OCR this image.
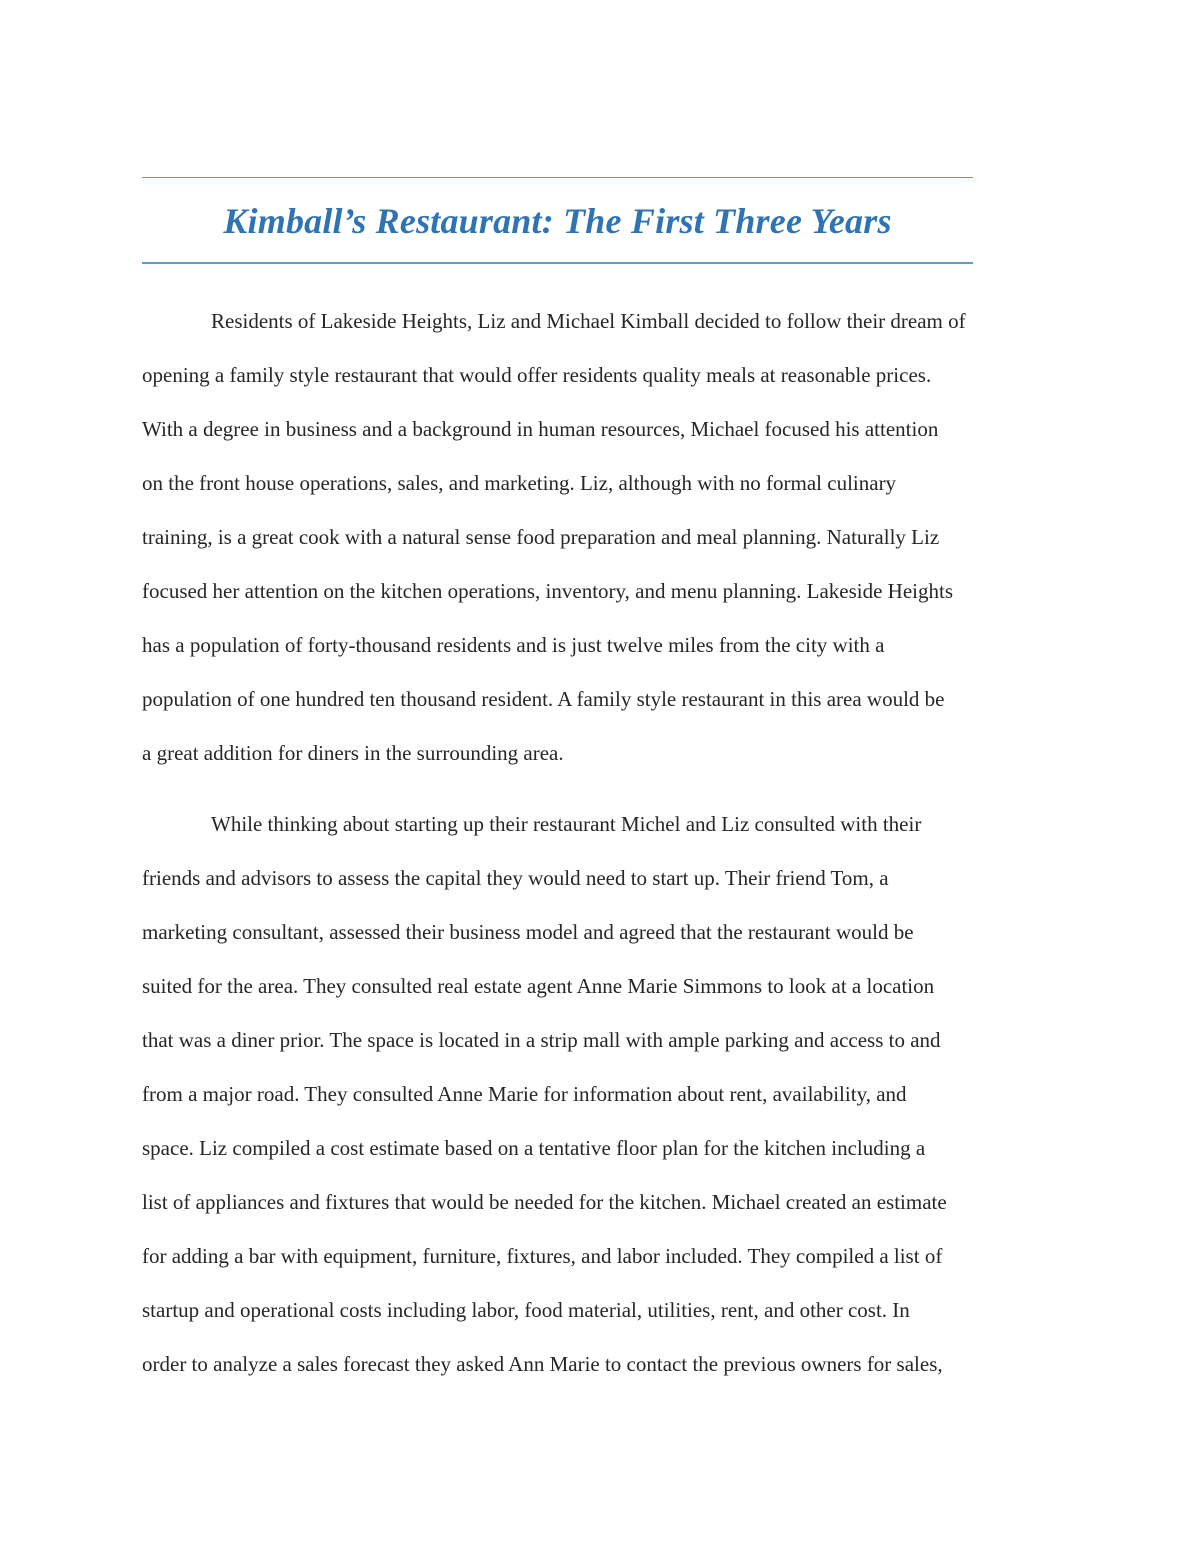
Kimball’s Restaurant: The First Three Years

Residents of Lakeside Heights, Liz and Michael Kimball decided to follow their dream of

opening a family style restaurant that would offer residents quality meals at reasonable prices.

With a degree in business and a background in human resources, Michael focused his attention

on the front house operations, sales, and marketing. Liz, although with no formal culinary

training, is a great cook with a natural sense food preparation and meal planning. Naturally Liz

focused her attention on the kitchen operations, inventory, and menu planning. Lakeside Heights

has a population of forty-thousand residents and is just twelve miles from the city with a

population of one hundred ten thousand resident. A family style restaurant in this area would be

a great addition for diners in the surrounding area.

While thinking about starting up their restaurant Michel and Liz consulted with their

friends and advisors to assess the capital they would need to start up. Their friend Tom, a

marketing consultant, assessed their business model and agreed that the restaurant would be

suited for the area. They consulted real estate agent Anne Marie Simmons to look at a location

that was a diner prior. The space is located in a strip mall with ample parking and access to and

from a major road. They consulted Anne Marie for information about rent, availability, and

space. Liz compiled a cost estimate based on a tentative floor plan for the kitchen including a

list of appliances and fixtures that would be needed for the kitchen. Michael created an estimate

for adding a bar with equipment, furniture, fixtures, and labor included. They compiled a list of

startup and operational costs including labor, food material, utilities, rent, and other cost. In

order to analyze a sales forecast they asked Ann Marie to contact the previous owners for sales,
